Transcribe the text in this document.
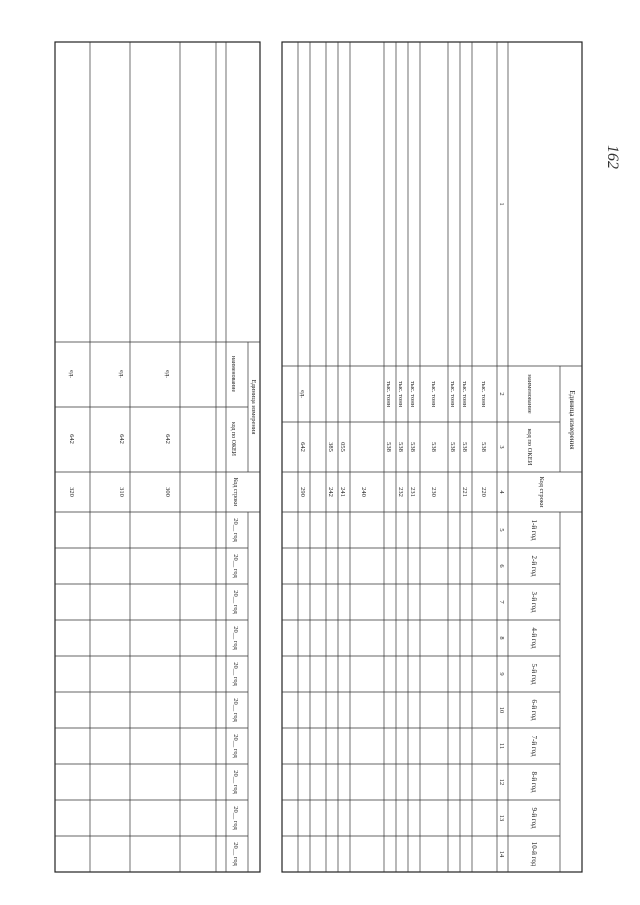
162
Единица измерения
наименование
код по ОКЕИ
Код строки
1-й год
2-й год
3-й год
4-й год
5-й год
6-й год
7-й год
8-й год
9-й год
10-й год
1
2
3
4
5
6
7
8
9
10
11
12
13
14
тыс. тонн
538
220
тыс. тонн
538
221
тыс. тонн
538
тыс. тонн
538
230
тыс. тонн
538
231
тыс. тонн
538
232
тыс. тонн
538
240
055
241
385
242
ед.
642
290
Единица измерения
наименование
код по ОКЕИ
Код строки
20__ год
20__ год
20__ год
20__ год
20__ год
20__ год
20__ год
20__ год
20__ год
20__ год
ед.
642
300
ед.
642
310
ед.
642
320
